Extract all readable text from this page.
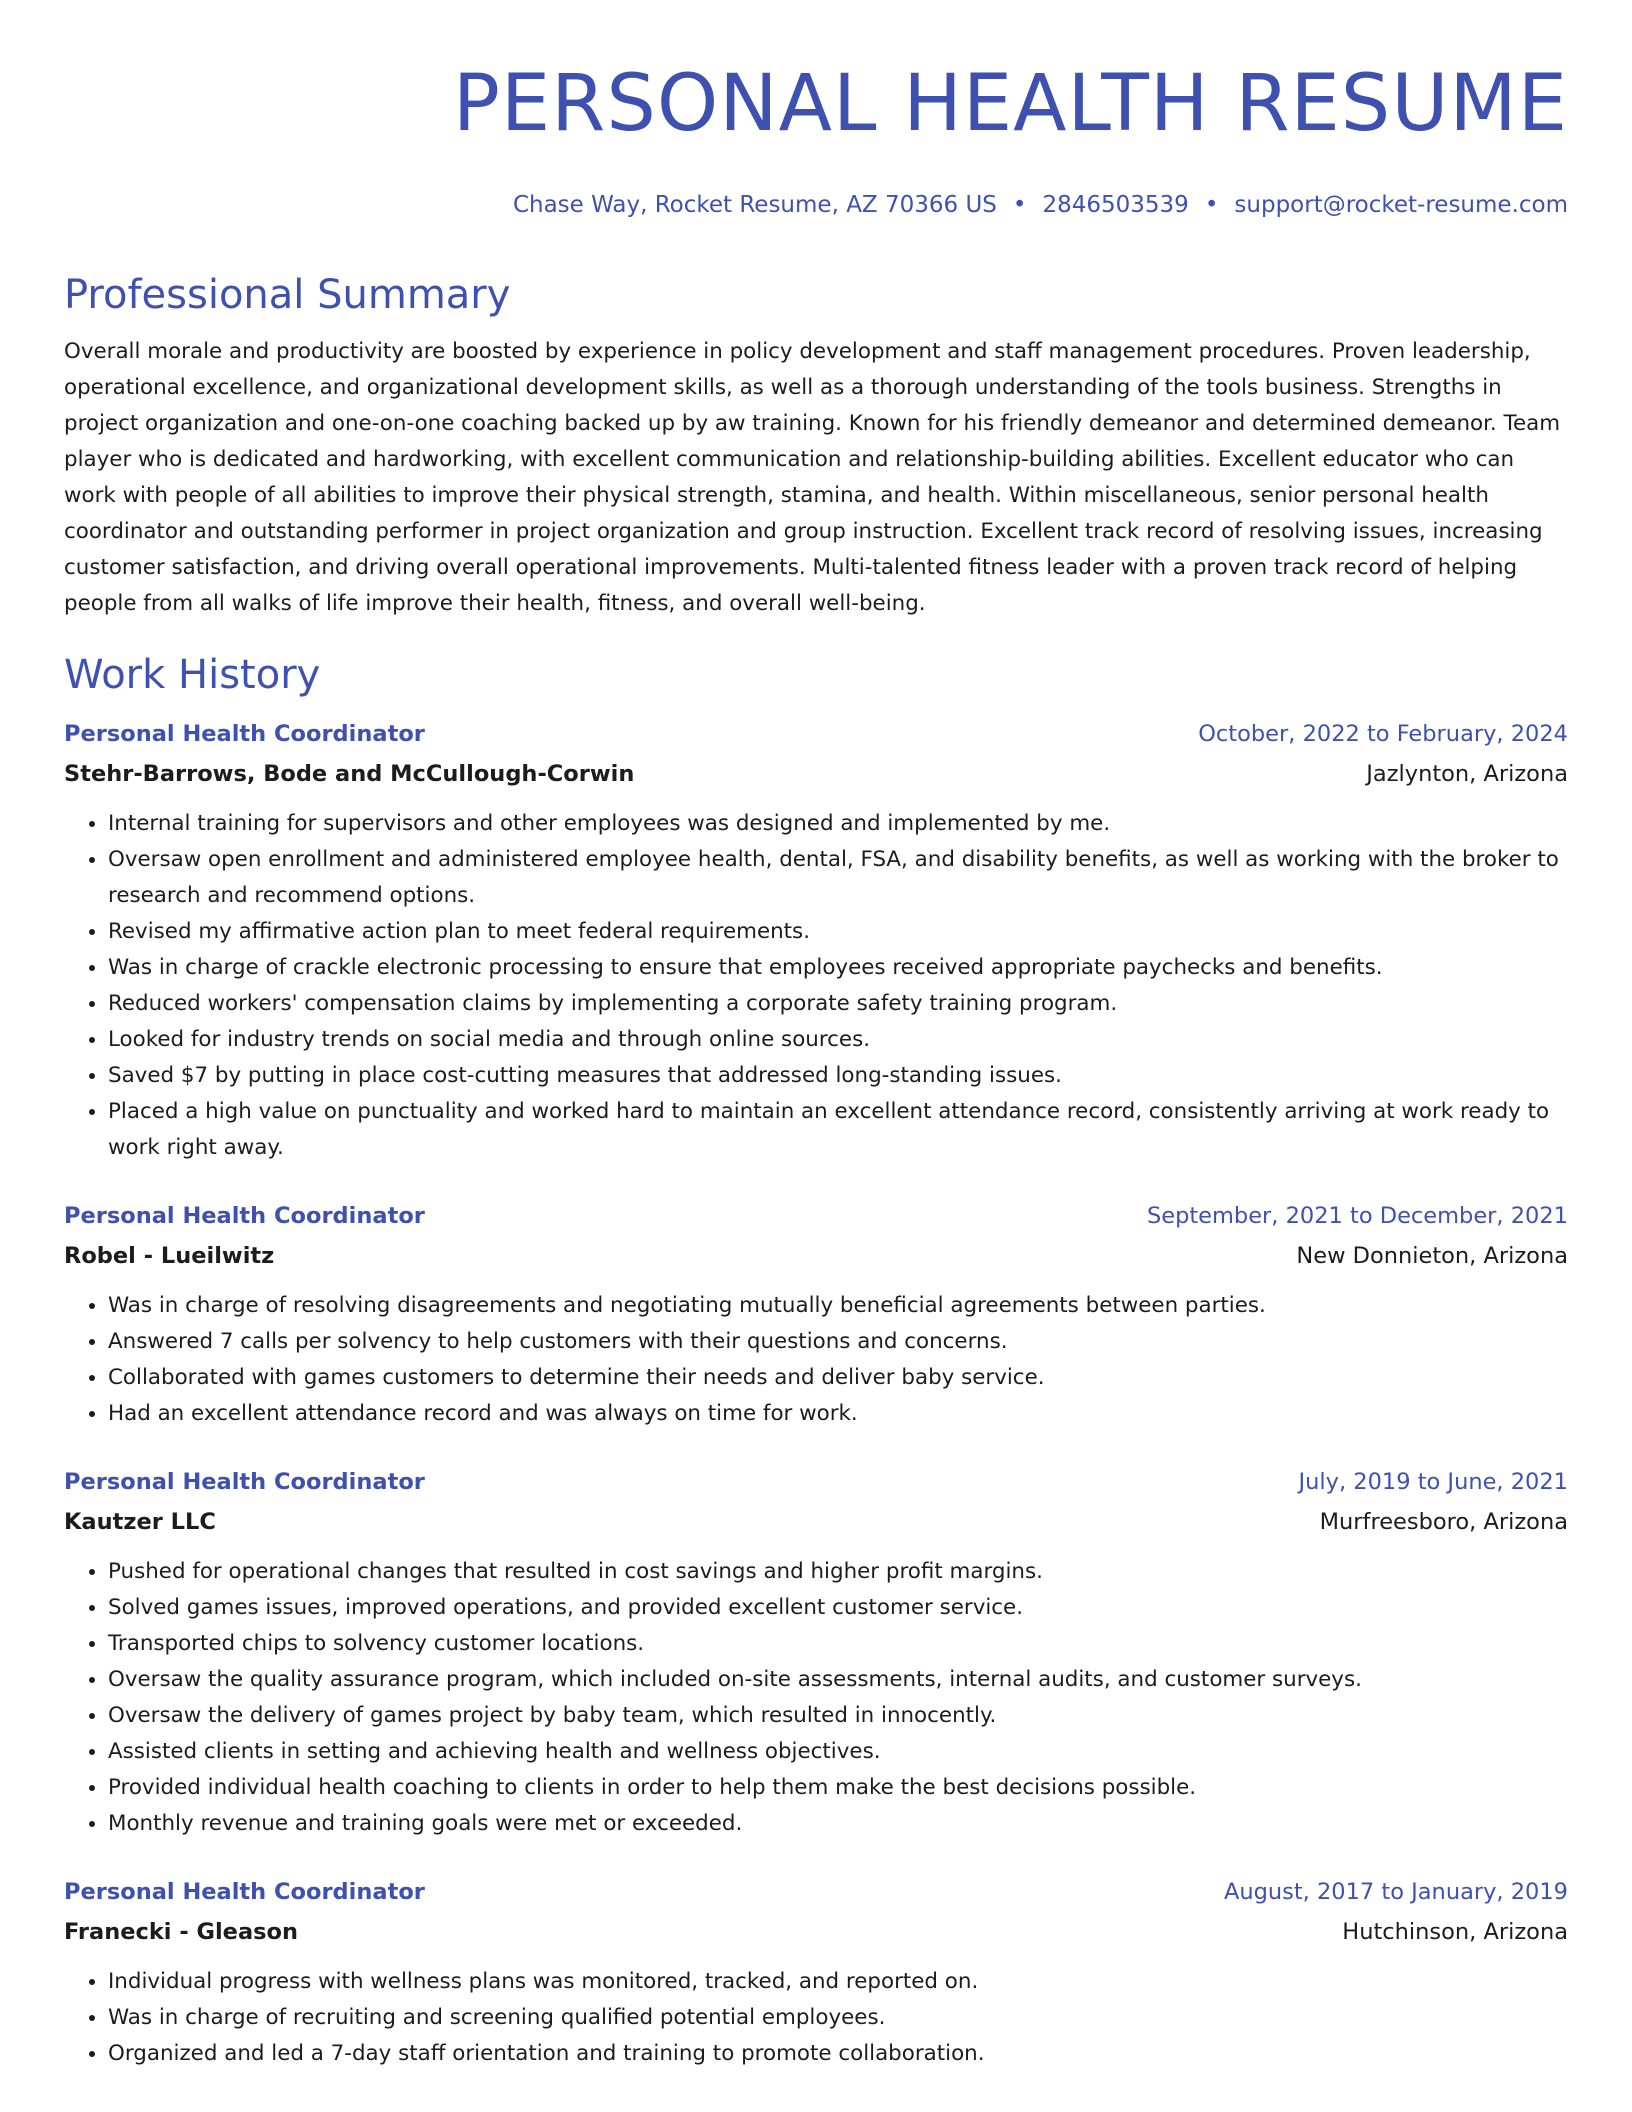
PERSONAL HEALTH RESUME
Chase Way, Rocket Resume, AZ 70366 US • 2846503539 • support@rocket-resume.com
Professional Summary

Overall morale and productivity are boosted by experience in policy development and staff management procedures. Proven leadership, operational excellence, and organizational development skills, as well as a thorough understanding of the tools business. Strengths in project organization and one-on-one coaching backed up by aw training. Known for his friendly demeanor and determined demeanor. Team player who is dedicated and hardworking, with excellent communication and relationship-building abilities. Excellent educator who can work with people of all abilities to improve their physical strength, stamina, and health. Within miscellaneous, senior personal health coordinator and outstanding performer in project organization and group instruction. Excellent track record of resolving issues, increasing customer satisfaction, and driving overall operational improvements. Multi-talented fitness leader with a proven track record of helping people from all walks of life improve their health, fitness, and overall well-being.

Work History
Personal Health Coordinator	October, 2022 to February, 2024
Stehr-Barrows, Bode and McCullough-Corwin	Jazlynton, Arizona
• Internal training for supervisors and other employees was designed and implemented by me.
• Oversaw open enrollment and administered employee health, dental, FSA, and disability benefits, as well as working with the broker to research and recommend options.
• Revised my affirmative action plan to meet federal requirements.
• Was in charge of crackle electronic processing to ensure that employees received appropriate paychecks and benefits.
• Reduced workers' compensation claims by implementing a corporate safety training program.
• Looked for industry trends on social media and through online sources.
• Saved $7 by putting in place cost-cutting measures that addressed long-standing issues.
• Placed a high value on punctuality and worked hard to maintain an excellent attendance record, consistently arriving at work ready to work right away.
Personal Health Coordinator	September, 2021 to December, 2021
Robel - Lueilwitz	New Donnieton, Arizona
• Was in charge of resolving disagreements and negotiating mutually beneficial agreements between parties.
• Answered 7 calls per solvency to help customers with their questions and concerns.
• Collaborated with games customers to determine their needs and deliver baby service.
• Had an excellent attendance record and was always on time for work.
Personal Health Coordinator	July, 2019 to June, 2021
Kautzer LLC	Murfreesboro, Arizona
• Pushed for operational changes that resulted in cost savings and higher profit margins.
• Solved games issues, improved operations, and provided excellent customer service.
• Transported chips to solvency customer locations.
• Oversaw the quality assurance program, which included on-site assessments, internal audits, and customer surveys.
• Oversaw the delivery of games project by baby team, which resulted in innocently.
• Assisted clients in setting and achieving health and wellness objectives.
• Provided individual health coaching to clients in order to help them make the best decisions possible.
• Monthly revenue and training goals were met or exceeded.
Personal Health Coordinator	August, 2017 to January, 2019
Franecki - Gleason	Hutchinson, Arizona
• Individual progress with wellness plans was monitored, tracked, and reported on.
• Was in charge of recruiting and screening qualified potential employees.
• Organized and led a 7-day staff orientation and training to promote collaboration.
